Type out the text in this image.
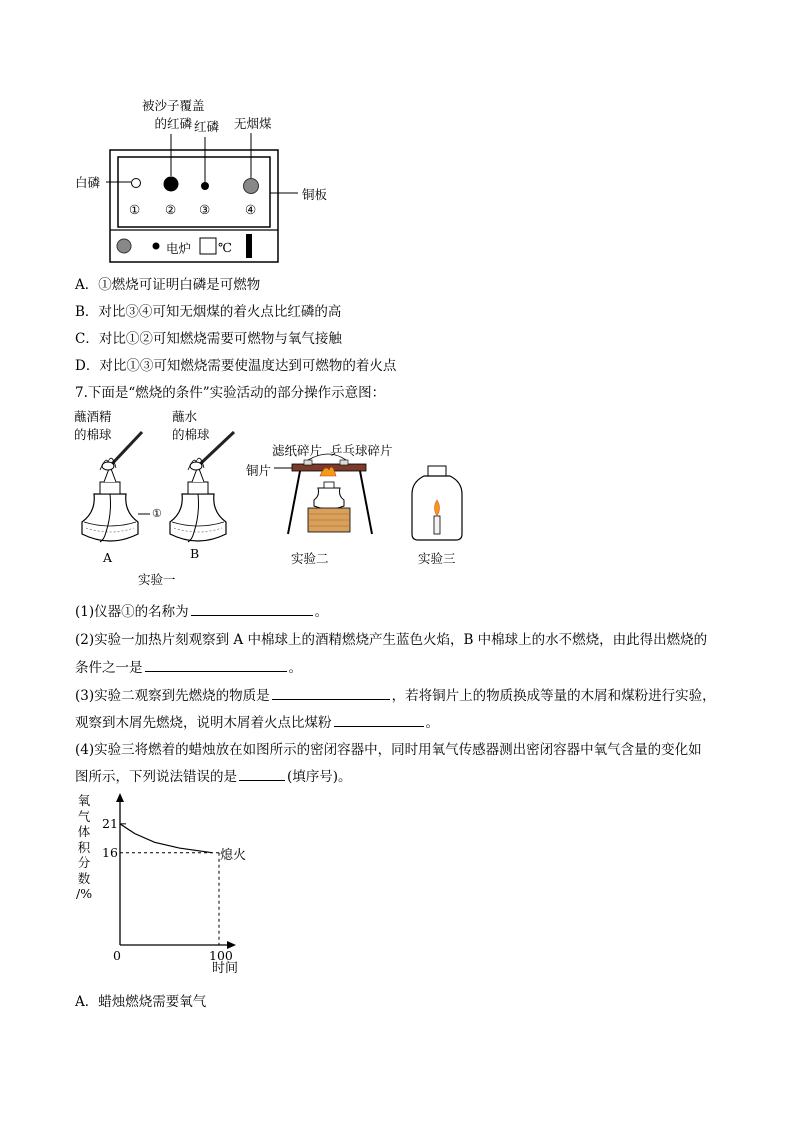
被沙子覆盖
的红磷 红磷 无烟煤
白磷
铜板
① ② ③	④
电炉 ℃
A．①燃烧可证明白磷是可燃物
B．对比③④可知无烟煤的着火点比红磷的高
C．对比①②可知燃烧需要可燃物与氧气接触
D．对比①③可知燃烧需要使温度达到可燃物的着火点
7.下面是“燃烧的条件”实验活动的部分操作示意图：
蘸酒精
的棉球
蘸水
的棉球
①
A	B
实验一
滤纸碎片 乒乓球碎片
铜片
实验二	实验三
(1)仪器①的名称为	。
(2)实验一加热片刻观察到 A 中棉球上的酒精燃烧产生蓝色火焰，B 中棉球上的水不燃烧，由此得出燃烧的
条件之一是	。
(3)实验二观察到先燃烧的物质是	，若将铜片上的物质换成等量的木屑和煤粉进行实验，
观察到木屑先燃烧，说明木屑着火点比煤粉	。
(4)实验三将燃着的蜡烛放在如图所示的密闭容器中，同时用氧气传感器测出密闭容器中氧气含量的变化如
图所示，下列说法错误的是	(填序号)。
氧
气
体
积
分
数
/%
21
16
0	100
时间
熄火
A．蜡烛燃烧需要氧气
